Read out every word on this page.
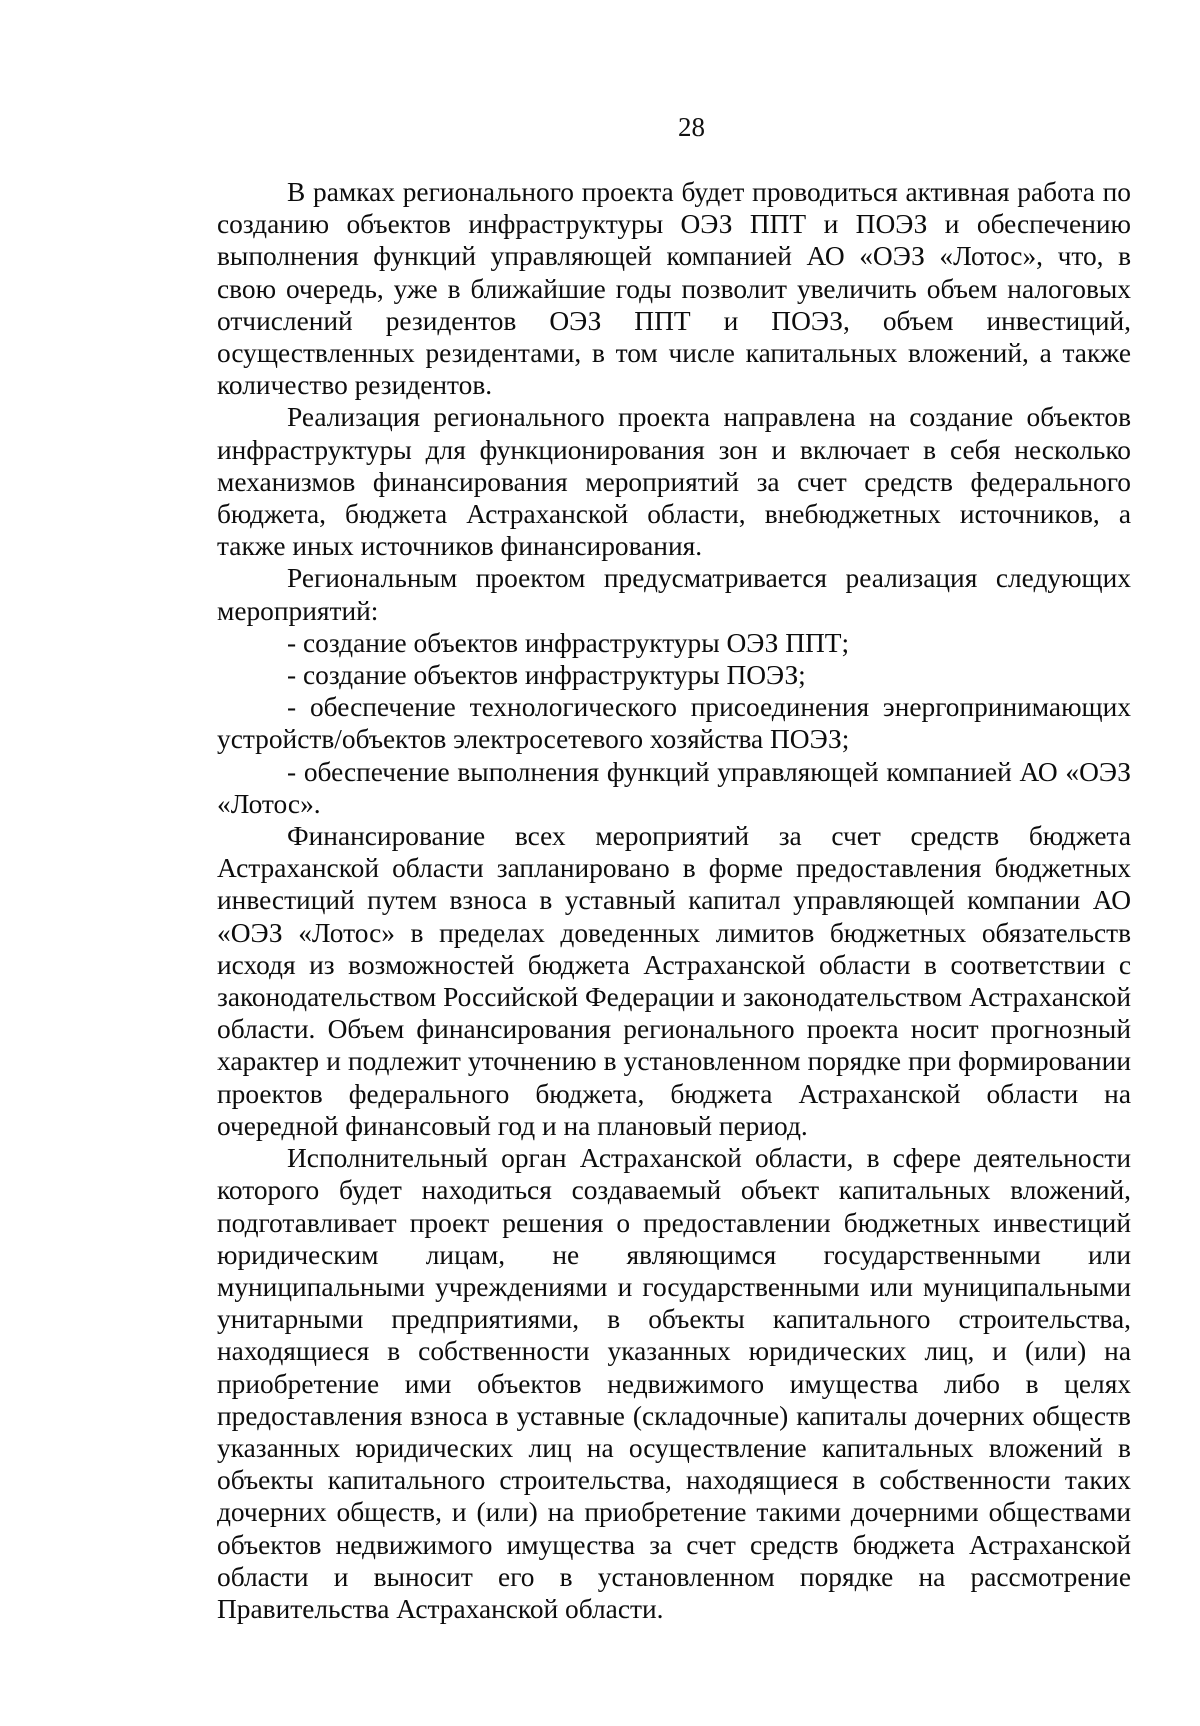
28

В рамках регионального проекта будет проводиться активная работа по созданию объектов инфраструктуры ОЭЗ ППТ и ПОЭЗ и обеспечению выполнения функций управляющей компанией АО «ОЭЗ «Лотос», что, в свою очередь, уже в ближайшие годы позволит увеличить объем налоговых отчислений резидентов ОЭЗ ППТ и ПОЭЗ, объем инвестиций, осуществленных резидентами, в том числе капитальных вложений, а также количество резидентов.

Реализация регионального проекта направлена на создание объектов инфраструктуры для функционирования зон и включает в себя несколько механизмов финансирования мероприятий за счет средств федерального бюджета, бюджета Астраханской области, внебюджетных источников, а также иных источников финансирования.

Региональным проектом предусматривается реализация следующих мероприятий:

- создание объектов инфраструктуры ОЭЗ ППТ;

- создание объектов инфраструктуры ПОЭЗ;

- обеспечение технологического присоединения энергопринимающих устройств/объектов электросетевого хозяйства ПОЭЗ;

- обеспечение выполнения функций управляющей компанией АО «ОЭЗ «Лотос».

Финансирование всех мероприятий за счет средств бюджета Астраханской области запланировано в форме предоставления бюджетных инвестиций путем взноса в уставный капитал управляющей компании АО «ОЭЗ «Лотос» в пределах доведенных лимитов бюджетных обязательств исходя из возможностей бюджета Астраханской области в соответствии с законодательством Российской Федерации и законодательством Астраханской области. Объем финансирования регионального проекта носит прогнозный характер и подлежит уточнению в установленном порядке при формировании проектов федерального бюджета, бюджета Астраханской области на очередной финансовый год и на плановый период.

Исполнительный орган Астраханской области, в сфере деятельности которого будет находиться создаваемый объект капитальных вложений, подготавливает проект решения о предоставлении бюджетных инвестиций юридическим лицам, не являющимся государственными или муниципальными учреждениями и государственными или муниципальными унитарными предприятиями, в объекты капитального строительства, находящиеся в собственности указанных юридических лиц, и (или) на приобретение ими объектов недвижимого имущества либо в целях предоставления взноса в уставные (складочные) капиталы дочерних обществ указанных юридических лиц на осуществление капитальных вложений в объекты капитального строительства, находящиеся в собственности таких дочерних обществ, и (или) на приобретение такими дочерними обществами объектов недвижимого имущества за счет средств бюджета Астраханской области и выносит его в установленном порядке на рассмотрение Правительства Астраханской области.
